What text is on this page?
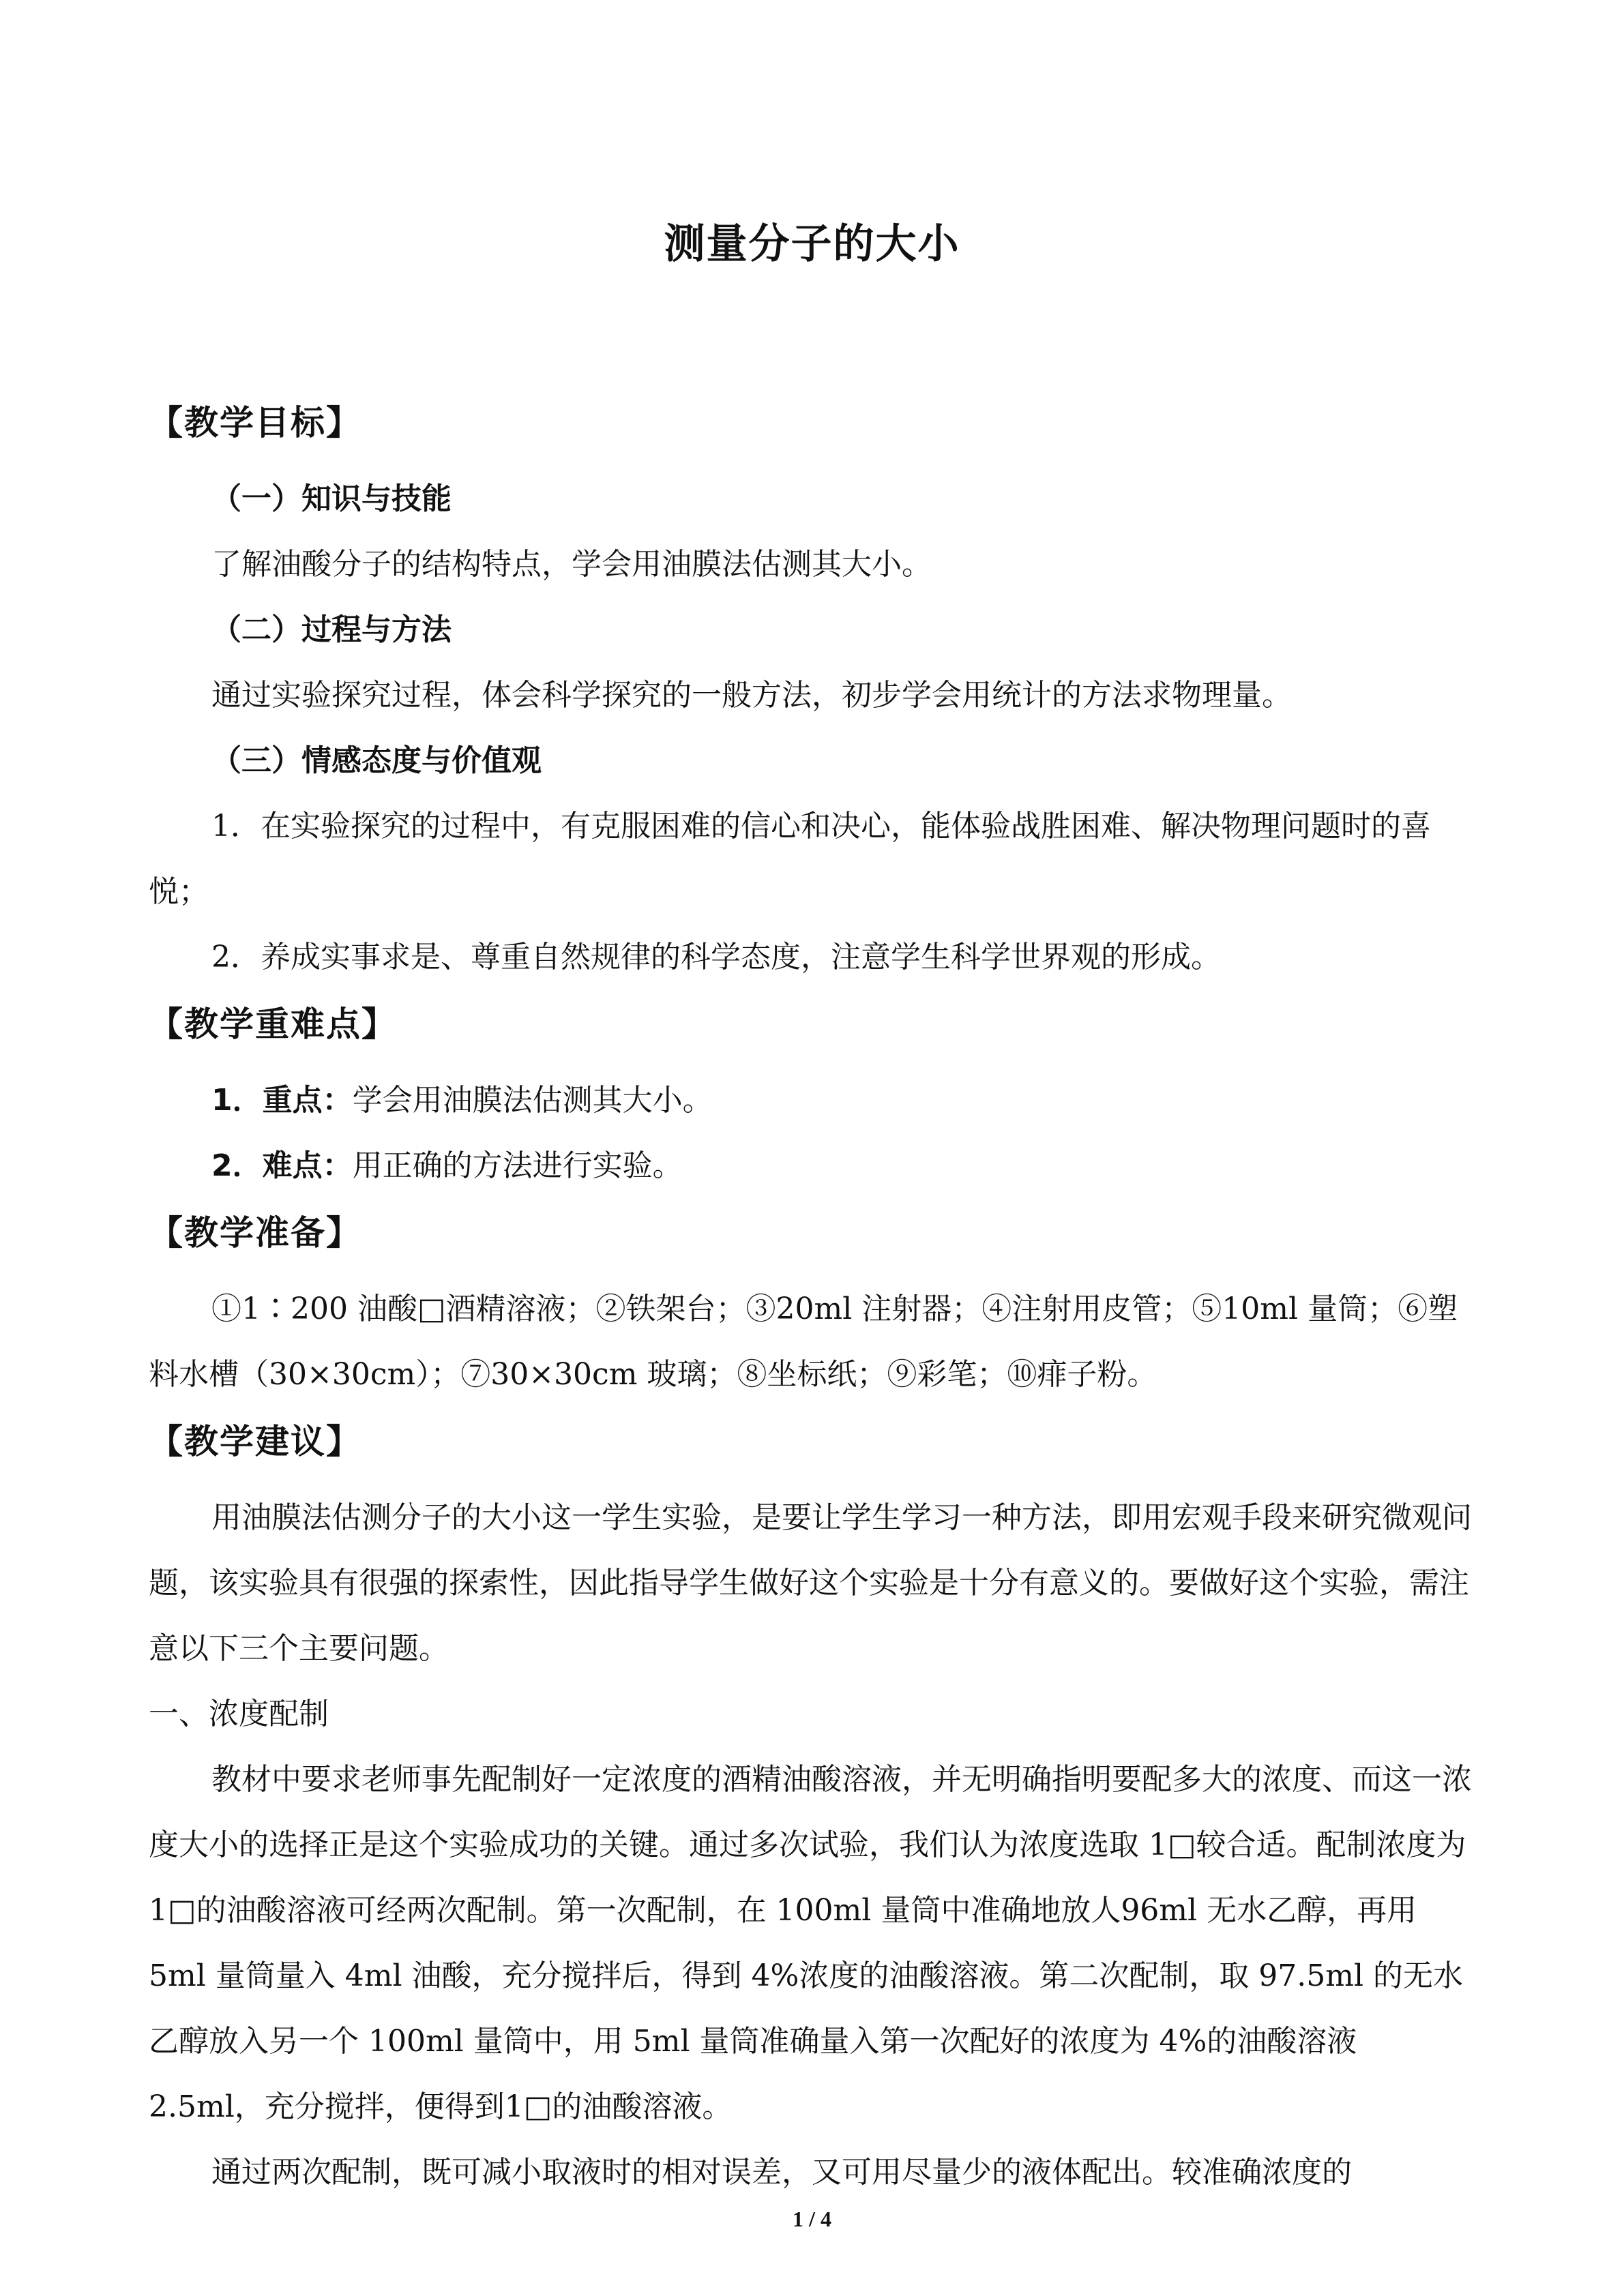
测量分子的大小
【教学目标】
（一）知识与技能

了解油酸分子的结构特点，学会用油膜法估测其大小。

（二）过程与方法

通过实验探究过程，体会科学探究的一般方法，初步学会用统计的方法求物理量。

（三）情感态度与价值观

1．在实验探究的过程中，有克服困难的信心和决心，能体验战胜困难、解决物理问题时的喜悦；

2．养成实事求是、尊重自然规律的科学态度，注意学生科学世界观的形成。

【教学重难点】

1．重点：学会用油膜法估测其大小。

2．难点：用正确的方法进行实验。

【教学准备】

①1∶200 油酸□酒精溶液；②铁架台；③20ml 注射器；④注射用皮管；⑤10ml 量筒；⑥塑料水槽（30×30cm）；⑦30×30cm 玻璃；⑧坐标纸；⑨彩笔；⑩痱子粉。

【教学建议】

用油膜法估测分子的大小这一学生实验，是要让学生学习一种方法，即用宏观手段来研究微观问题，该实验具有很强的探索性，因此指导学生做好这个实验是十分有意义的。要做好这个实验，需注意以下三个主要问题。

一、浓度配制

教材中要求老师事先配制好一定浓度的酒精油酸溶液，并无明确指明要配多大的浓度、而这一浓度大小的选择正是这个实验成功的关键。通过多次试验，我们认为浓度选取 1□较合适。配制浓度为1□的油酸溶液可经两次配制。第一次配制，在 100ml 量筒中准确地放人96ml 无水乙醇，再用 5ml 量筒量入 4ml 油酸，充分搅拌后，得到 4%浓度的油酸溶液。第二次配制，取 97.5ml 的无水乙醇放入另一个 100ml 量筒中，用 5ml 量筒准确量入第一次配好的浓度为 4%的油酸溶液 2.5ml，充分搅拌，便得到1□的油酸溶液。

通过两次配制，既可减小取液时的相对误差，又可用尽量少的液体配出。较准确浓度的

1 / 4
